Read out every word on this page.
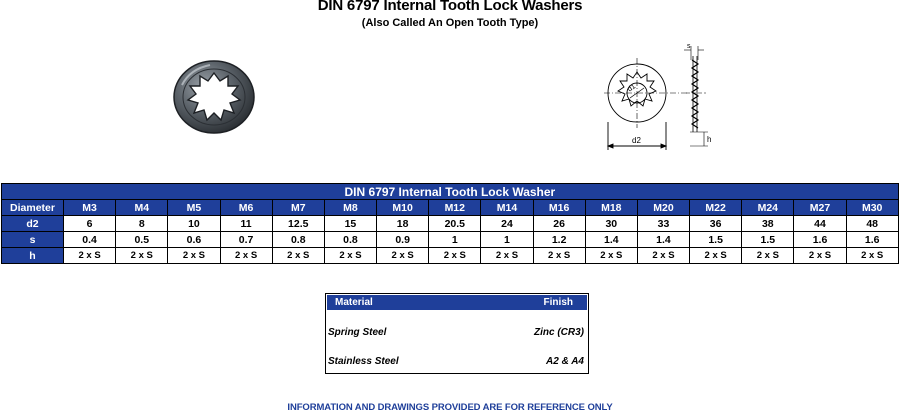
DIN 6797 Internal Tooth Lock Washers
(Also Called An Open Tooth Type)
s
d1
d2	h
DIN 6797 Internal Tooth Lock Washer																
Diameter	M3	M4	M5	M6	M7	M8	M10	M12	M14	M16	M18	M20	M22	M24	M27	M30
d2	6	8	10	11	12.5	15	18	20.5	24	26	30	33	36	38	44	48
s	0.4	0.5	0.6	0.7	0.8	0.8	0.9	1	1	1.2	1.4	1.4	1.5	1.5	1.6	1.6
h	2 x S	2 x S	2 x S	2 x S	2 x S	2 x S	2 x S	2 x S	2 x S	2 x S	2 x S	2 x S	2 x S	2 x S	2 x S	2 x S
Material	Finish
Spring Steel	Zinc (CR3)
Stainless Steel	A2 & A4
INFORMATION AND DRAWINGS PROVIDED ARE FOR REFERENCE ONLY
